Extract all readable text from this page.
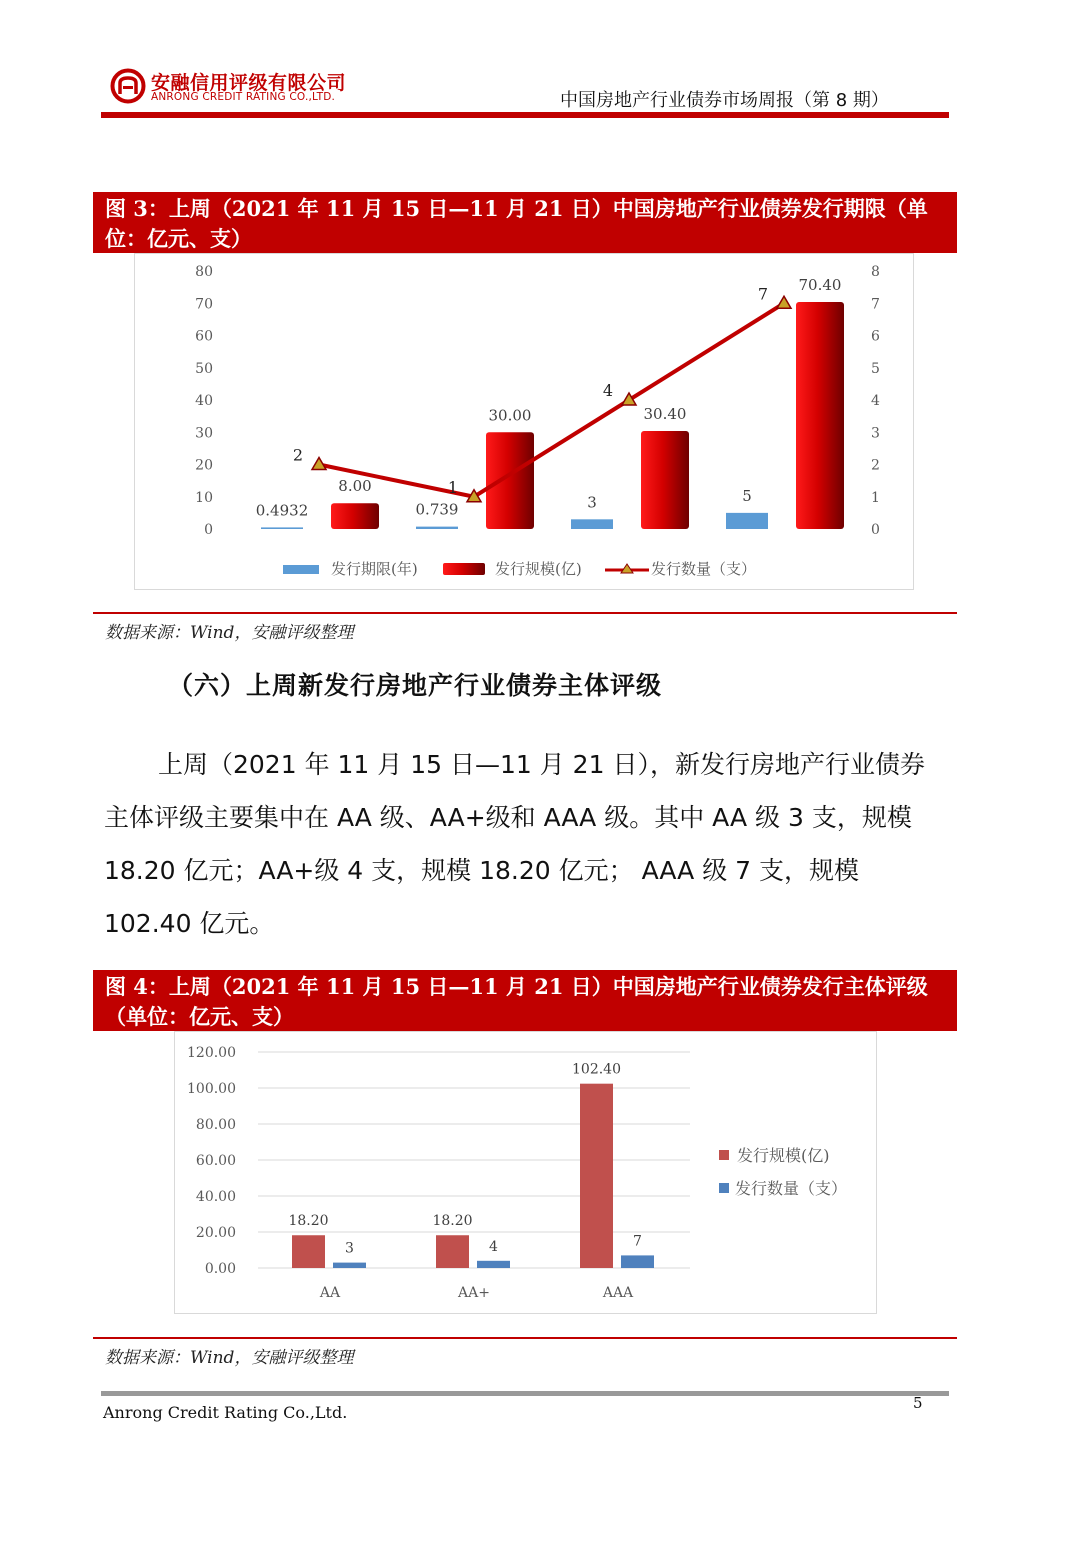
安融信用评级有限公司
ANRONG CREDIT RATING CO.,LTD.	中国房地产行业债券市场周报（第 8 期）
图 3：上周（2021 年 11 月 15 日—11 月 21 日）中国房地产行业债券发行期限（单位：亿元、支）
0
10
20
30
40
50
60
70
80
0
1
2
3
4
5
6
7
8
0.4932
8.00
0.739
30.00
3
30.40
5
70.40
2
1
4
7
发行期限(年)	发行规模(亿)	发行数量（支）
数据来源：Wind，安融评级整理
（六）上周新发行房地产行业债券主体评级

上周（2021 年 11 月 15 日—11 月 21 日），新发行房地产行业债券主体评级主要集中在 AA 级、AA+级和 AAA 级。其中 AA 级 3 支，规模 18.20 亿元；AA+级 4 支，规模 18.20 亿元； AAA 级 7 支，规模 102.40 亿元。

图 4：上周（2021 年 11 月 15 日—11 月 21 日）中国房地产行业债券发行主体评级（单位：亿元、支）
0.00
20.00
40.00
60.00
80.00
100.00
120.00
18.20
3
AA
18.20
4
AA+
102.40
7
AAA
发行规模(亿)
发行数量（支）
数据来源：Wind，安融评级整理
Anrong Credit Rating Co.,Ltd.	5
